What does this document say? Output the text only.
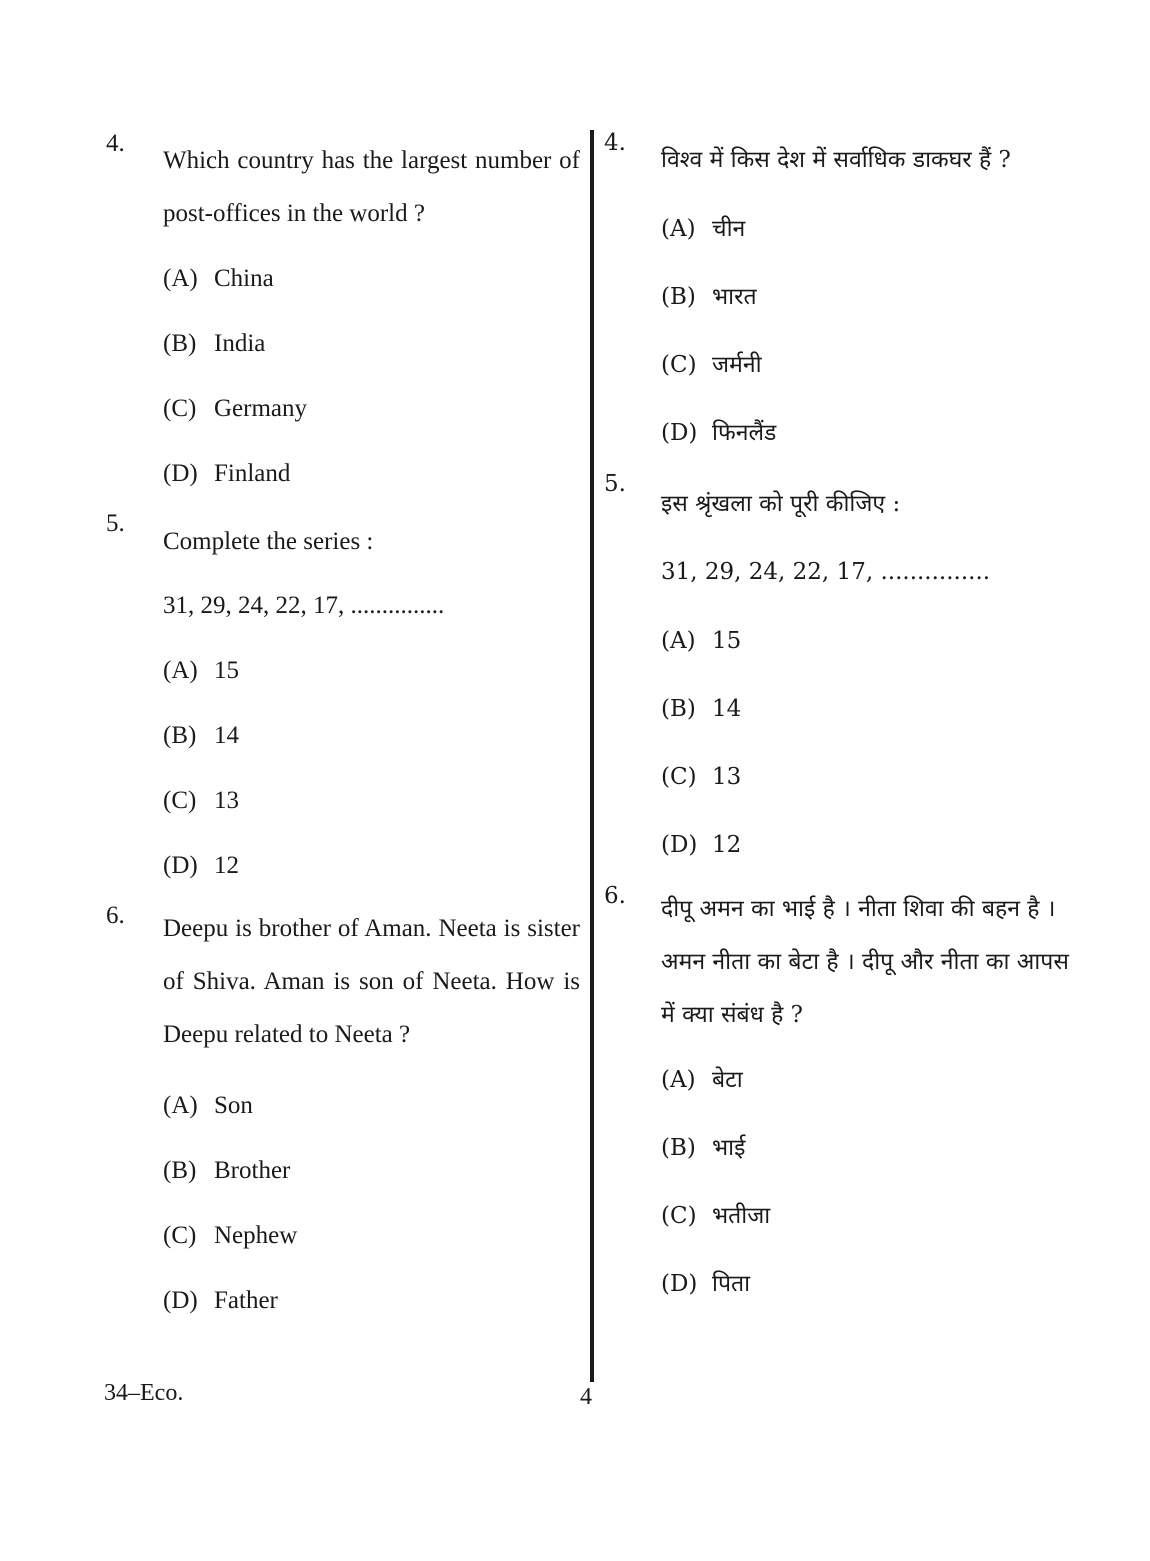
4.
Which country has the largest number of post-offices in the world ?
(A) China
(B) India
(C) Germany
(D) Finland
5.
Complete the series :
31, 29, 24, 22, 17, ...............
(A) 15
(B) 14
(C) 13
(D) 12
6. Deepu is brother of Aman. Neeta is sister of Shiva. Aman is son of Neeta. How is Deepu related to Neeta ?
(A) Son
(B) Brother
(C) Nephew
(D) Father
4.
विश्व में किस देश में सर्वाधिक डाकघर हैं ?
(A) चीन
(B) भारत
(C) जर्मनी
(D) फिनलैंड
5.
इस श्रृंखला को पूरी कीजिए :
31, 29, 24, 22, 17, ...............
(A) 15
(B) 14
(C) 13
(D) 12
6. दीपू अमन का भाई है । नीता शिवा की बहन है । अमन नीता का बेटा है । दीपू और नीता का आपस में क्या संबंध है ?
(A) बेटा
(B) भाई
(C) भतीजा
(D) पिता
34–Eco.	4
